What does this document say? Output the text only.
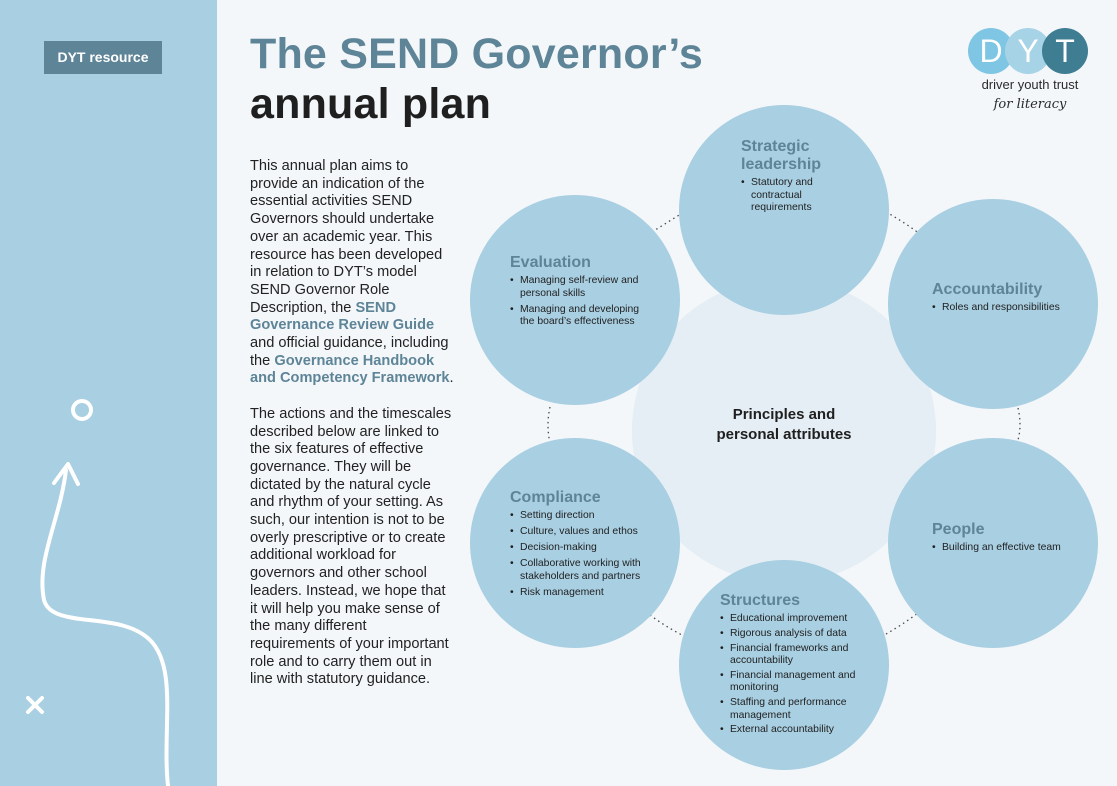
DYT resource	The SEND Governor’s
annual plan

This annual plan aims to provide an indication of the essential activities SEND Governors should undertake over an academic year. This resource has been developed in relation to DYT’s model SEND Governor Role Description, the SEND Governance Review Guide and official guidance, including the Governance Handbook and Competency Framework.

The actions and the timescales described below are linked to the six features of effective governance. They will be dictated by the natural cycle and rhythm of your setting. As such, our intention is not to be overly prescriptive or to create additional workload for governors and other school leaders. Instead, we hope that it will help you make sense of the many different requirements of your important role and to carry them out in line with statutory guidance.

D Y T
driver youth trust
for literacy
Principles and
personal attributes
Strategic
leadership
• Statutory and contractual requirements
Accountability
• Roles and responsibilities
Evaluation
• Managing self-review and personal skills
• Managing and developing the board’s effectiveness
Compliance
• Setting direction
• Culture, values and ethos
• Decision-making
• Collaborative working with stakeholders and partners
• Risk management
People
• Building an effective team
Structures
• Educational improvement
• Rigorous analysis of data
• Financial frameworks and accountability
• Financial management and monitoring
• Staffing and performance management
• External accountability
